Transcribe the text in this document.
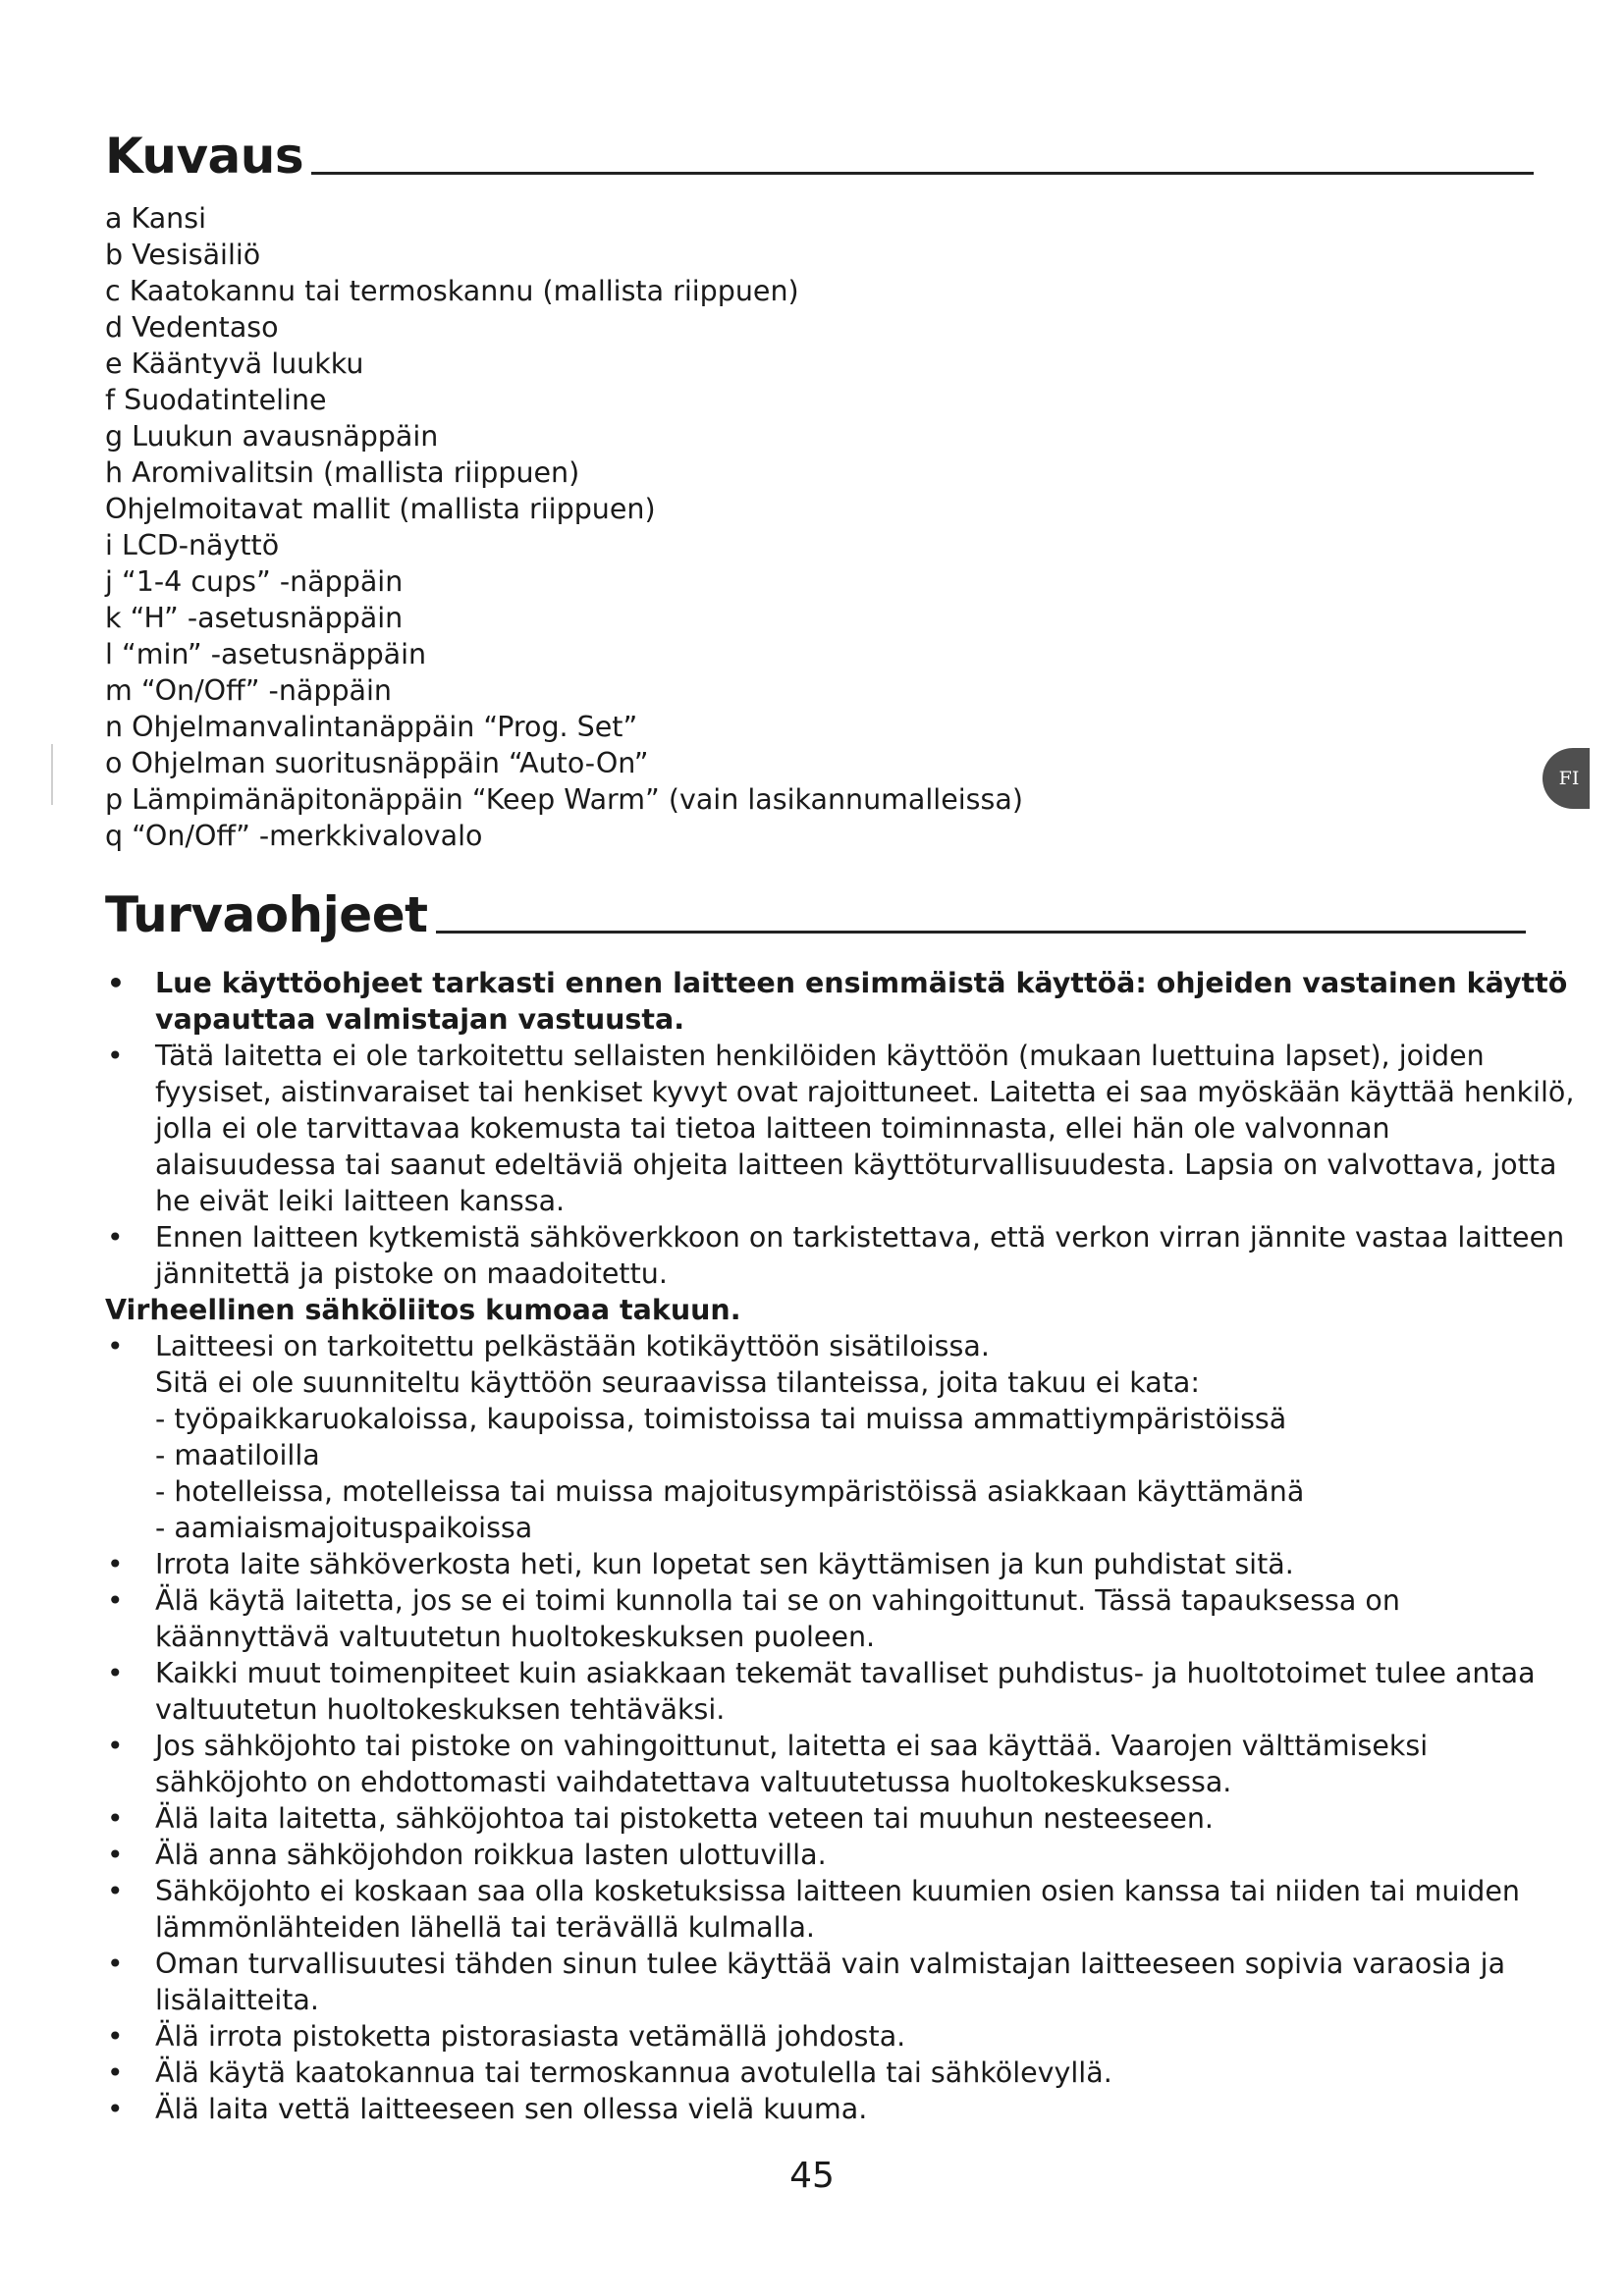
Kuvaus
a Kansi
b Vesisäiliö
c Kaatokannu tai termoskannu (mallista riippuen)
d Vedentaso
e Kääntyvä luukku
f Suodatinteline
g Luukun avausnäppäin
h Aromivalitsin (mallista riippuen)
Ohjelmoitavat mallit (mallista riippuen)
i LCD-näyttö
j “1-4 cups” -näppäin
k “H” -asetusnäppäin
l “min” -asetusnäppäin
m “On/Off” -näppäin
n Ohjelmanvalintanäppäin “Prog. Set”
o Ohjelman suoritusnäppäin “Auto-On”
p Lämpimänäpitonäppäin “Keep Warm” (vain lasikannumalleissa)
q “On/Off” -merkkivalovalo
FI
Turvaohjeet
• Lue käyttöohjeet tarkasti ennen laitteen ensimmäistä käyttöä: ohjeiden vastainen käyttö vapauttaa valmistajan vastuusta.
• Tätä laitetta ei ole tarkoitettu sellaisten henkilöiden käyttöön (mukaan luettuina lapset), joiden fyysiset, aistinvaraiset tai henkiset kyvyt ovat rajoittuneet. Laitetta ei saa myöskään käyttää henkilö, jolla ei ole tarvittavaa kokemusta tai tietoa laitteen toiminnasta, ellei hän ole valvonnan alaisuudessa tai saanut edeltäviä ohjeita laitteen käyttöturvallisuudesta. Lapsia on valvottava, jotta he eivät leiki laitteen kanssa.
• Ennen laitteen kytkemistä sähköverkkoon on tarkistettava, että verkon virran jännite vastaa laitteen jännitettä ja pistoke on maadoitettu.
Virheellinen sähköliitos kumoaa takuun.
• Laitteesi on tarkoitettu pelkästään kotikäyttöön sisätiloissa.
Sitä ei ole suunniteltu käyttöön seuraavissa tilanteissa, joita takuu ei kata:
- työpaikkaruokaloissa, kaupoissa, toimistoissa tai muissa ammattiympäristöissä
- maatiloilla
- hotelleissa, motelleissa tai muissa majoitusympäristöissä asiakkaan käyttämänä
- aamiaismajoituspaikoissa
• Irrota laite sähköverkosta heti, kun lopetat sen käyttämisen ja kun puhdistat sitä.
• Älä käytä laitetta, jos se ei toimi kunnolla tai se on vahingoittunut. Tässä tapauksessa on käännyttävä valtuutetun huoltokeskuksen puoleen.
• Kaikki muut toimenpiteet kuin asiakkaan tekemät tavalliset puhdistus- ja huoltotoimet tulee antaa valtuutetun huoltokeskuksen tehtäväksi.
• Jos sähköjohto tai pistoke on vahingoittunut, laitetta ei saa käyttää. Vaarojen välttämiseksi sähköjohto on ehdottomasti vaihdatettava valtuutetussa huoltokeskuksessa.
• Älä laita laitetta, sähköjohtoa tai pistoketta veteen tai muuhun nesteeseen.
• Älä anna sähköjohdon roikkua lasten ulottuvilla.
• Sähköjohto ei koskaan saa olla kosketuksissa laitteen kuumien osien kanssa tai niiden tai muiden lämmönlähteiden lähellä tai terävällä kulmalla.
• Oman turvallisuutesi tähden sinun tulee käyttää vain valmistajan laitteeseen sopivia varaosia ja lisälaitteita.
• Älä irrota pistoketta pistorasiasta vetämällä johdosta.
• Älä käytä kaatokannua tai termoskannua avotulella tai sähkölevyllä.
• Älä laita vettä laitteeseen sen ollessa vielä kuuma.
45
